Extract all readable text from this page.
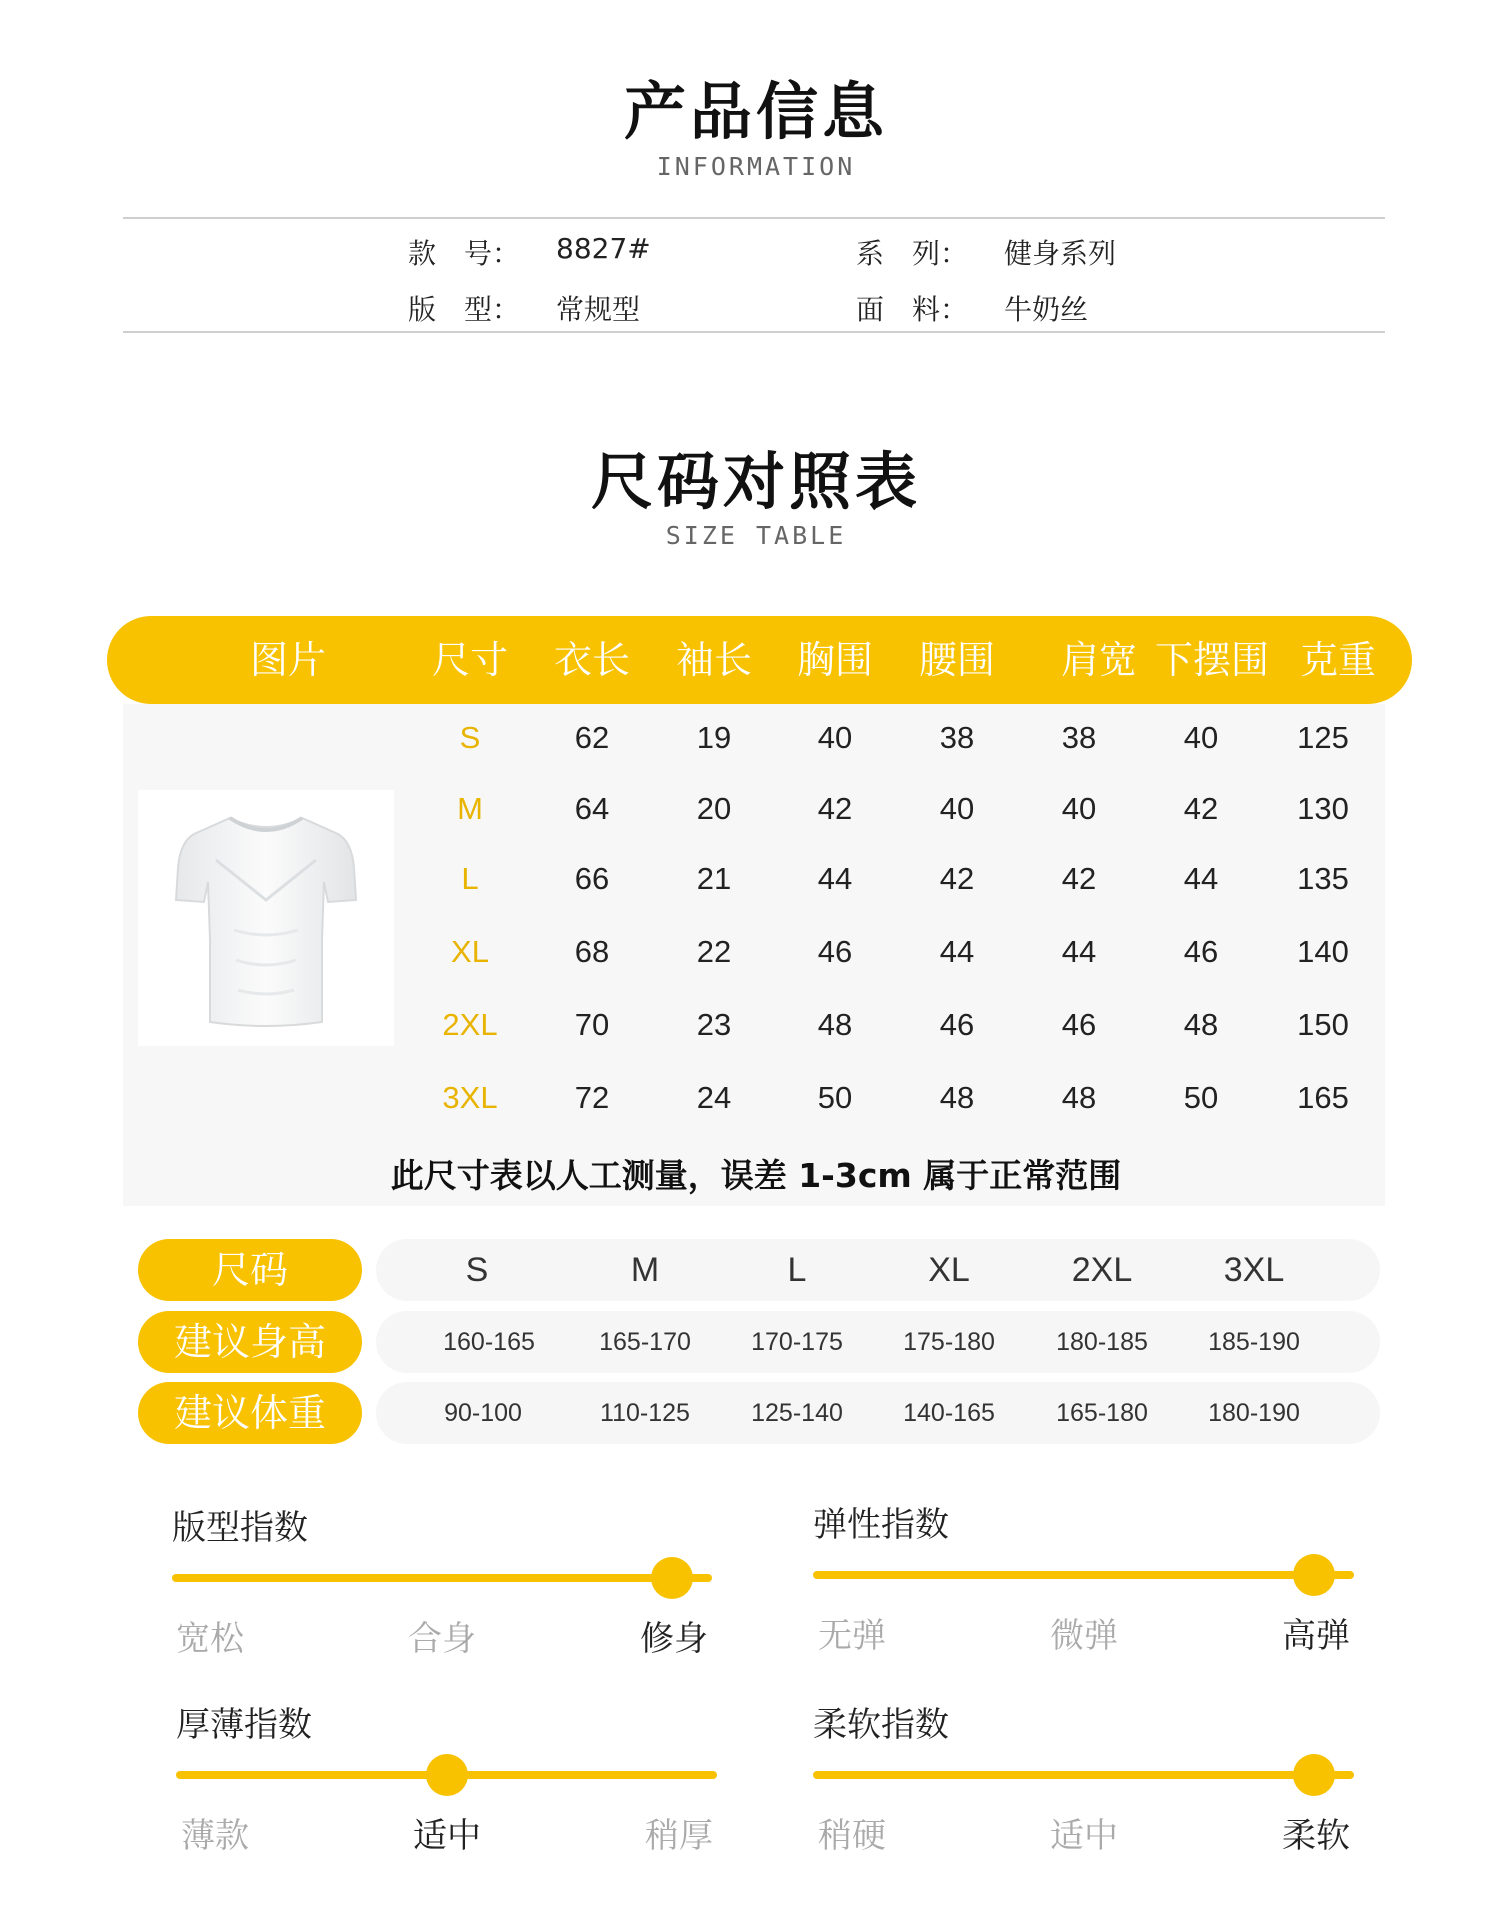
产品信息
INFORMATION
款　号： 8827#	系　列： 健身系列
版　型： 常规型	面　料： 牛奶丝
尺码对照表
SIZE TABLE
图片	尺寸	衣长	袖长	胸围	腰围	肩宽 下摆围 克重
S	62	19	40	38	38	40	125
M	64	20	42	40	40	42	130
L	66	21	44	42	42	44	135
XL	68	22	46	44	44	46	140
2XL	70	23	48	46	46	48	150
3XL	72	24	50	48	48	50	165
此尺寸表以人工测量，误差 1-3cm 属于正常范围
尺码	S	M	L	XL	2XL	3XL
建议身高	160-165	165-170	170-175	175-180	180-185	185-190
建议体重	90-100	110-125	125-140	140-165	165-180	180-190
版型指数
宽松	合身	修身
弹性指数
无弹	微弹	高弹
厚薄指数
薄款	适中	稍厚
柔软指数
稍硬	适中	柔软
